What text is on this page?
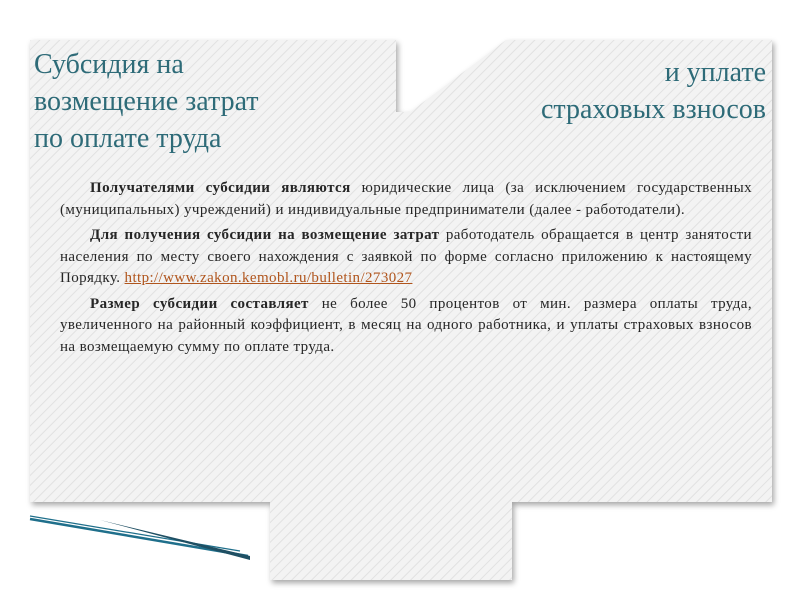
Субсидия на
возмещение затрат
по оплате труда
и уплате
страховых взносов

Получателями субсидии являются юридические лица (за исключением государственных (муниципальных) учреждений) и индивидуальные предприниматели (далее - работодатели).

Для получения субсидии на возмещение затрат работодатель обращается в центр занятости населения по месту своего нахождения с заявкой по форме согласно приложению к настоящему Порядку. http://www.zakon.kemobl.ru/bulletin/273027

Размер субсидии составляет не более 50 процентов от мин. размера оплаты труда, увеличенного на районный коэффициент, в месяц на одного работника, и уплаты страховых взносов на возмещаемую сумму по оплате труда.
